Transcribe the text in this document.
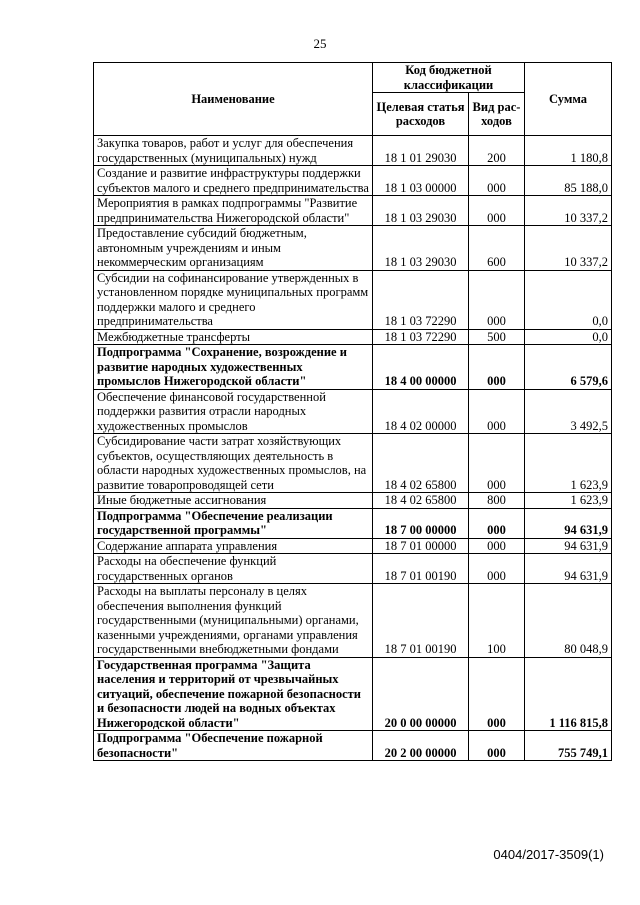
25
Наименование	Код бюджетной классификации		Сумма
	Целевая статья расходов	Вид рас-ходов	
Закупка товаров, работ и услуг для обеспечения государственных (муниципальных) нужд	18 1 01 29030	200	1 180,8
Создание и развитие инфраструктуры поддержки субъектов малого и среднего предпринимательства	18 1 03 00000	000	85 188,0
Мероприятия в рамках подпрограммы "Развитие предпринимательства Нижегородской области"	18 1 03 29030	000	10 337,2
Предоставление субсидий бюджетным, автономным учреждениям и иным некоммерческим организациям	18 1 03 29030	600	10 337,2
Субсидии на софинансирование утвержденных в установленном порядке муниципальных программ поддержки малого и среднего предпринимательства	18 1 03 72290	000	0,0
Межбюджетные трансферты	18 1 03 72290	500	0,0
Подпрограмма "Сохранение, возрождение и развитие народных художественных промыслов Нижегородской области"	18 4 00 00000	000	6 579,6
Обеспечение финансовой государственной поддержки развития отрасли народных художественных промыслов	18 4 02 00000	000	3 492,5
Субсидирование части затрат хозяйствующих субъектов, осуществляющих деятельность в области народных художественных промыслов, на развитие товаропроводящей сети	18 4 02 65800	000	1 623,9
Иные бюджетные ассигнования	18 4 02 65800	800	1 623,9
Подпрограмма "Обеспечение реализации государственной программы"	18 7 00 00000	000	94 631,9
Содержание аппарата управления	18 7 01 00000	000	94 631,9
Расходы на обеспечение функций государственных органов	18 7 01 00190	000	94 631,9
Расходы на выплаты персоналу в целях обеспечения выполнения функций государственными (муниципальными) органами, казенными учреждениями, органами управления государственными внебюджетными фондами	18 7 01 00190	100	80 048,9
Государственная программа "Защита населения и территорий от чрезвычайных ситуаций, обеспечение пожарной безопасности и безопасности людей на водных объектах Нижегородской области"	20 0 00 00000	000	1 116 815,8
Подпрограмма "Обеспечение пожарной безопасности"	20 2 00 00000	000	755 749,1
0404/2017-3509(1)
